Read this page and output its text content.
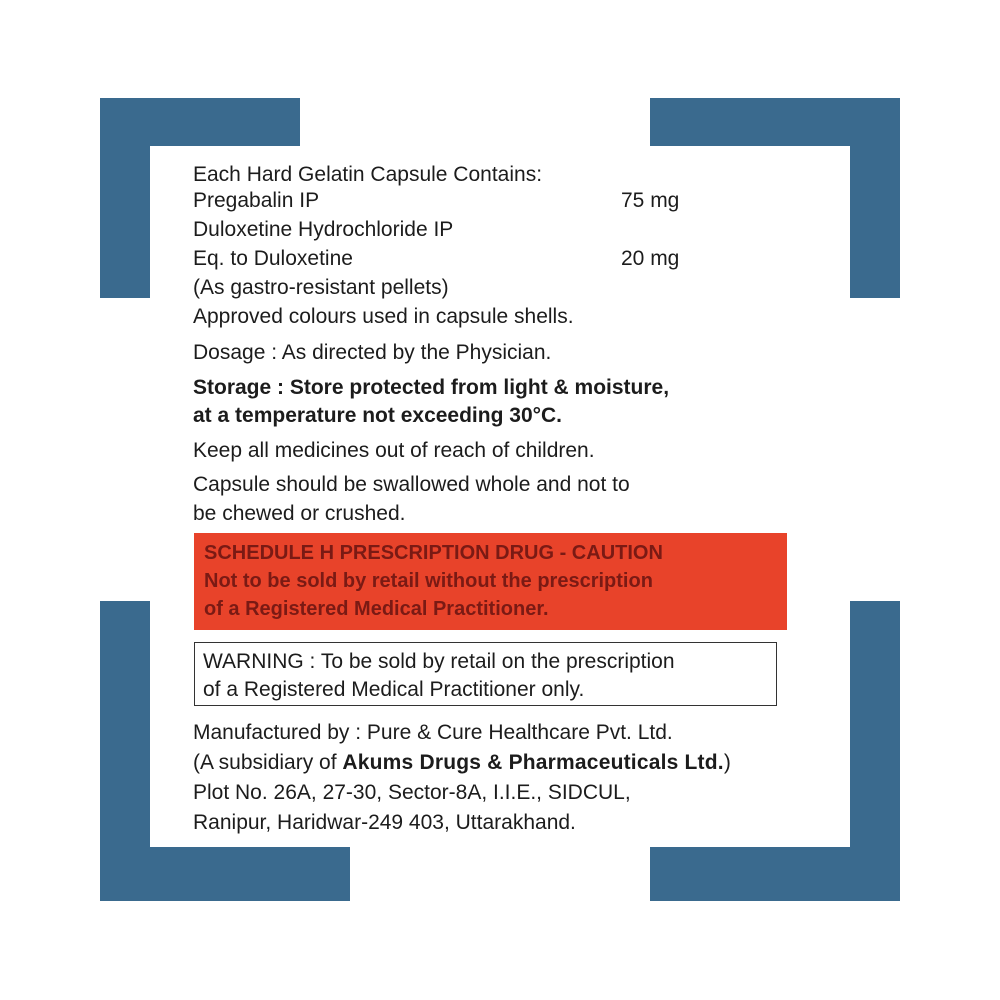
Each Hard Gelatin Capsule Contains:
Pregabalin IP	75 mg
Duloxetine Hydrochloride IP
Eq. to Duloxetine	20 mg
(As gastro-resistant pellets)
Approved colours used in capsule shells.
Dosage : As directed by the Physician.
Storage : Store protected from light & moisture,
at a temperature not exceeding 30°C.
Keep all medicines out of reach of children.
Capsule should be swallowed whole and not to
be chewed or crushed.
SCHEDULE H PRESCRIPTION DRUG - CAUTION
Not to be sold by retail without the prescription
of a Registered Medical Practitioner.
WARNING : To be sold by retail on the prescription
of a Registered Medical Practitioner only.
Manufactured by : Pure & Cure Healthcare Pvt. Ltd.
(A subsidiary of Akums Drugs & Pharmaceuticals Ltd.)
Plot No. 26A, 27-30, Sector-8A, I.I.E., SIDCUL,
Ranipur, Haridwar-249 403, Uttarakhand.
